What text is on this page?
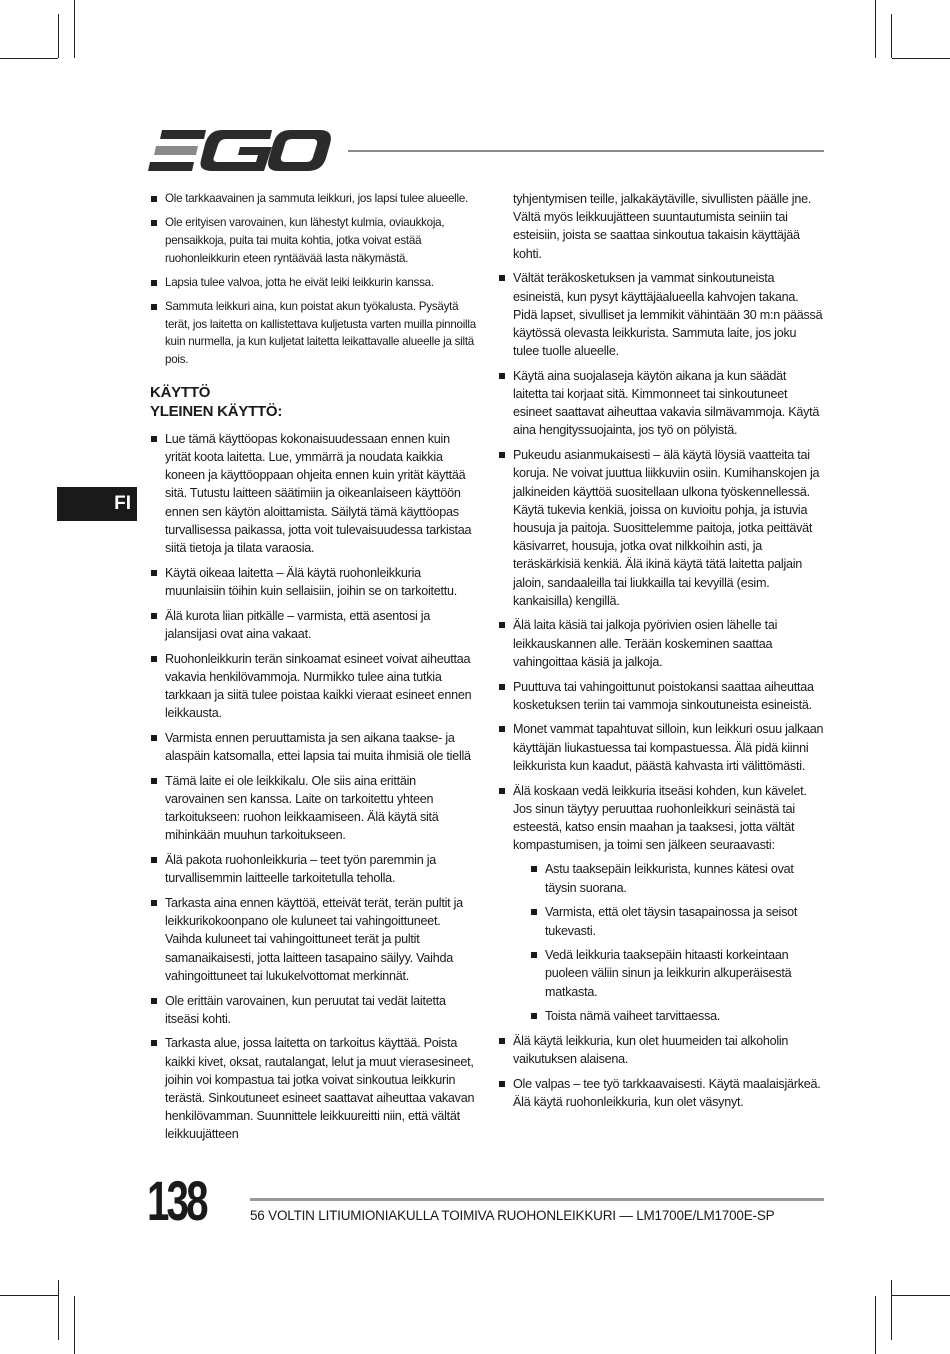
FI
Ole tarkkaavainen ja sammuta leikkuri, jos lapsi tulee alueelle.
Ole erityisen varovainen, kun lähestyt kulmia, oviaukkoja, pensaikkoja, puita tai muita kohtia, jotka voivat estää ruohonleikkurin eteen ryntäävää lasta näkymästä.
Lapsia tulee valvoa, jotta he eivät leiki leikkurin kanssa.
Sammuta leikkuri aina, kun poistat akun työkalusta. Pysäytä terät, jos laitetta on kallistettava kuljetusta varten muilla pinnoilla kuin nurmella, ja kun kuljetat laitetta leikattavalle alueelle ja siltä pois.
KÄYTTÖ
YLEINEN KÄYTTÖ:
Lue tämä käyttöopas kokonaisuudessaan ennen kuin yrität koota laitetta. Lue, ymmärrä ja noudata kaikkia koneen ja käyttöoppaan ohjeita ennen kuin yrität käyttää sitä. Tutustu laitteen säätimiin ja oikeanlaiseen käyttöön ennen sen käytön aloittamista. Säilytä tämä käyttöopas turvallisessa paikassa, jotta voit tulevaisuudessa tarkistaa siitä tietoja ja tilata varaosia.
Käytä oikeaa laitetta – Älä käytä ruohonleikkuria muunlaisiin töihin kuin sellaisiin, joihin se on tarkoitettu.
Älä kurota liian pitkälle – varmista, että asentosi ja jalansijasi ovat aina vakaat.
Ruohonleikkurin terän sinkoamat esineet voivat aiheuttaa vakavia henkilövammoja. Nurmikko tulee aina tutkia tarkkaan ja siitä tulee poistaa kaikki vieraat esineet ennen leikkausta.
Varmista ennen peruuttamista ja sen aikana taakse- ja alaspäin katsomalla, ettei lapsia tai muita ihmisiä ole tiellä
Tämä laite ei ole leikkikalu. Ole siis aina erittäin varovainen sen kanssa. Laite on tarkoitettu yhteen tarkoitukseen: ruohon leikkaamiseen. Älä käytä sitä mihinkään muuhun tarkoitukseen.
Älä pakota ruohonleikkuria – teet työn paremmin ja turvallisemmin laitteelle tarkoitetulla teholla.
Tarkasta aina ennen käyttöä, etteivät terät, terän pultit ja leikkurikokoonpano ole kuluneet tai vahingoittuneet. Vaihda kuluneet tai vahingoittuneet terät ja pultit samanaikaisesti, jotta laitteen tasapaino säilyy. Vaihda vahingoittuneet tai lukukelvottomat merkinnät.
Ole erittäin varovainen, kun peruutat tai vedät laitetta itseäsi kohti.
Tarkasta alue, jossa laitetta on tarkoitus käyttää. Poista kaikki kivet, oksat, rautalangat, lelut ja muut vierasesineet, joihin voi kompastua tai jotka voivat sinkoutua leikkurin terästä. Sinkoutuneet esineet saattavat aiheuttaa vakavan henkilövamman. Suunnittele leikkuureitti niin, että vältät leikkuujätteen
tyhjentymisen teille, jalkakäytäville, sivullisten päälle jne. Vältä myös leikkuujätteen suuntautumista seiniin tai esteisiin, joista se saattaa sinkoutua takaisin käyttäjää kohti.
Vältät teräkosketuksen ja vammat sinkoutuneista esineistä, kun pysyt käyttäjäalueella kahvojen takana. Pidä lapset, sivulliset ja lemmikit vähintään 30 m:n päässä käytössä olevasta leikkurista. Sammuta laite, jos joku tulee tuolle alueelle.
Käytä aina suojalaseja käytön aikana ja kun säädät laitetta tai korjaat sitä. Kimmonneet tai sinkoutuneet esineet saattavat aiheuttaa vakavia silmävammoja. Käytä aina hengityssuojainta, jos työ on pölyistä.
Pukeudu asianmukaisesti – älä käytä löysiä vaatteita tai koruja. Ne voivat juuttua liikkuviin osiin. Kumihanskojen ja jalkineiden käyttöä suositellaan ulkona työskennellessä. Käytä tukevia kenkiä, joissa on kuvioitu pohja, ja istuvia housuja ja paitoja. Suosittelemme paitoja, jotka peittävät käsivarret, housuja, jotka ovat nilkkoihin asti, ja teräskärkisiä kenkiä. Älä ikinä käytä tätä laitetta paljain jaloin, sandaaleilla tai liukkailla tai kevyillä (esim. kankaisilla) kengillä.
Älä laita käsiä tai jalkoja pyörivien osien lähelle tai leikkauskannen alle. Terään koskeminen saattaa vahingoittaa käsiä ja jalkoja.
Puuttuva tai vahingoittunut poistokansi saattaa aiheuttaa kosketuksen teriin tai vammoja sinkoutuneista esineistä.
Monet vammat tapahtuvat silloin, kun leikkuri osuu jalkaan käyttäjän liukastuessa tai kompastuessa. Älä pidä kiinni leikkurista kun kaadut, päästä kahvasta irti välittömästi.
Älä koskaan vedä leikkuria itseäsi kohden, kun kävelet. Jos sinun täytyy peruuttaa ruohonleikkuri seinästä tai esteestä, katso ensin maahan ja taaksesi, jotta vältät kompastumisen, ja toimi sen jälkeen seuraavasti:
Astu taaksepäin leikkurista, kunnes kätesi ovat täysin suorana.
Varmista, että olet täysin tasapainossa ja seisot tukevasti.
Vedä leikkuria taaksepäin hitaasti korkeintaan puoleen väliin sinun ja leikkurin alkuperäisestä matkasta.
Toista nämä vaiheet tarvittaessa.
Älä käytä leikkuria, kun olet huumeiden tai alkoholin vaikutuksen alaisena.
Ole valpas – tee työ tarkkaavaisesti. Käytä maalaisjärkeä. Älä käytä ruohonleikkuria, kun olet väsynyt.
138	56 VOLTIN LITIUMIONIAKULLA TOIMIVA RUOHONLEIKKURI — LM1700E/LM1700E-SP
